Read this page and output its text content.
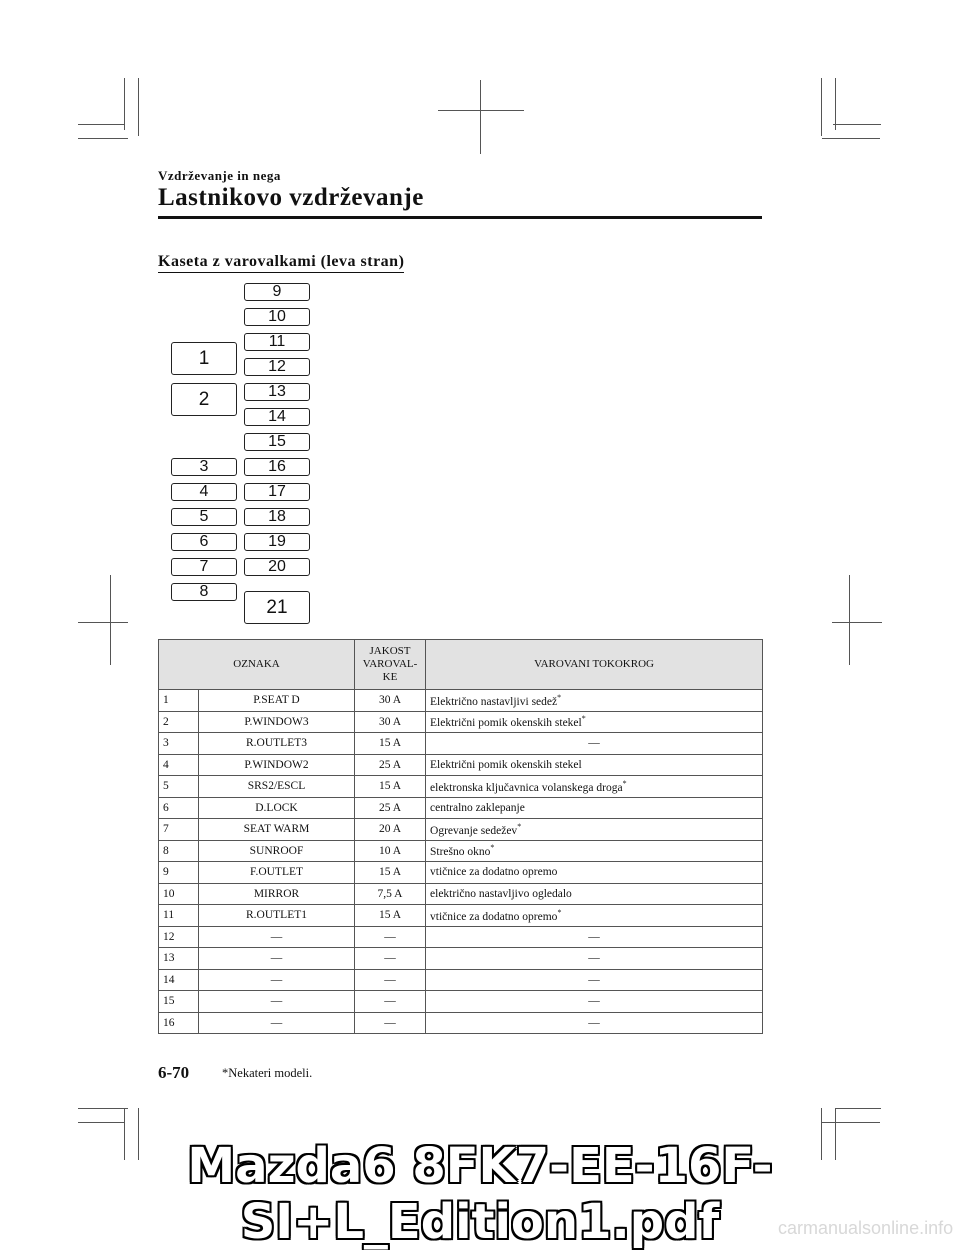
Vzdrževanje in nega
Lastnikovo vzdrževanje
Kaseta z varovalkami (leva stran)
1
2
3
4
5
6
7
8
9
10
11
12
13
14
15
16
17
18
19
20
21
OZNAKA		JAKOST
VAROVAL-
KE	VAROVANI TOKOKROG
1	P.SEAT D	30 A	Električno nastavljivi sedež*
2	P.WINDOW3	30 A	Električni pomik okenskih stekel*
3	R.OUTLET3	15 A	―
4	P.WINDOW2	25 A	Električni pomik okenskih stekel
5	SRS2/ESCL	15 A	elektronska ključavnica volanskega droga*
6	D.LOCK	25 A	centralno zaklepanje
7	SEAT WARM	20 A	Ogrevanje sedežev*
8	SUNROOF	10 A	Strešno okno*
9	F.OUTLET	15 A	vtičnice za dodatno opremo
10	MIRROR	7,5 A	električno nastavljivo ogledalo
11	R.OUTLET1	15 A	vtičnice za dodatno opremo*
12	―	―	―
13	―	―	―
14	―	―	―
15	―	―	―
16	―	―	―
6-70	*Nekateri modeli.
Mazda6 8FK7-EE-16F-SI+L_Edition1.pdf	carmanualsonline.info
